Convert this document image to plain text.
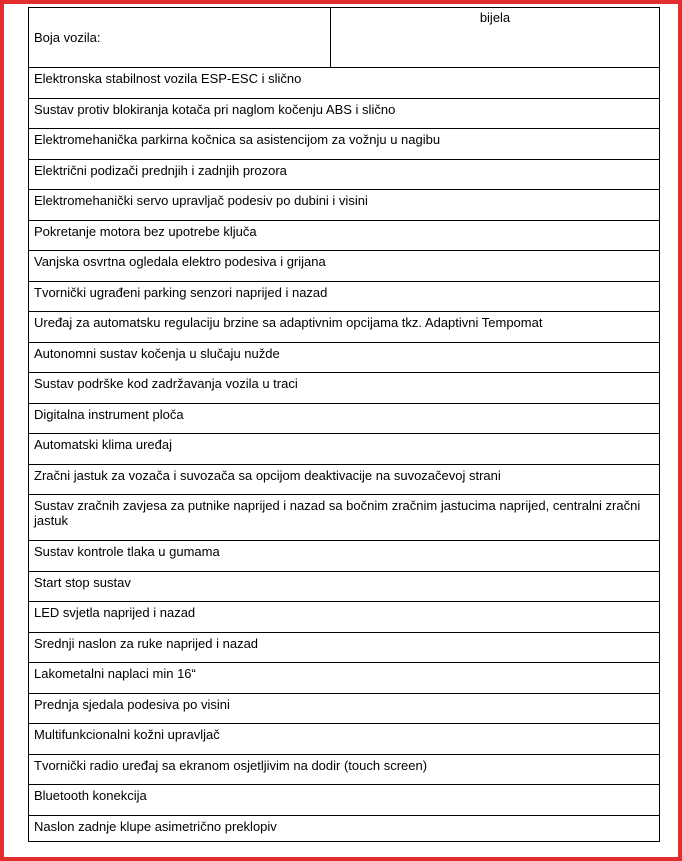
Boja vozila:
bijela
Elektronska stabilnost vozila ESP-ESC i slično
Sustav protiv blokiranja kotača pri naglom kočenju ABS i slično
Elektromehanička parkirna kočnica sa asistencijom za vožnju u nagibu
Električni podizači prednjih i zadnjih prozora
Elektromehanički servo upravljač podesiv po dubini i visini
Pokretanje motora bez upotrebe ključa
Vanjska osvrtna ogledala elektro podesiva i grijana
Tvornički ugrađeni parking senzori naprijed i nazad
Uređaj za automatsku regulaciju brzine sa adaptivnim opcijama tkz. Adaptivni Tempomat
Autonomni sustav kočenja u slučaju nužde
Sustav podrške kod zadržavanja vozila u traci
Digitalna instrument ploča
Automatski klima uređaj
Zračni jastuk za vozača i suvozača sa opcijom deaktivacije na suvozačevoj strani
Sustav zračnih zavjesa za putnike naprijed i nazad sa bočnim zračnim jastucima naprijed, centralni zračni jastuk
Sustav kontrole tlaka u gumama
Start stop sustav
LED svjetla naprijed i nazad
Srednji naslon za ruke naprijed i nazad
Lakometalni naplaci min 16“
Prednja sjedala podesiva po visini
Multifunkcionalni kožni upravljač
Tvornički radio uređaj sa ekranom osjetljivim na dodir (touch screen)
Bluetooth konekcija
Naslon zadnje klupe asimetrično preklopiv
